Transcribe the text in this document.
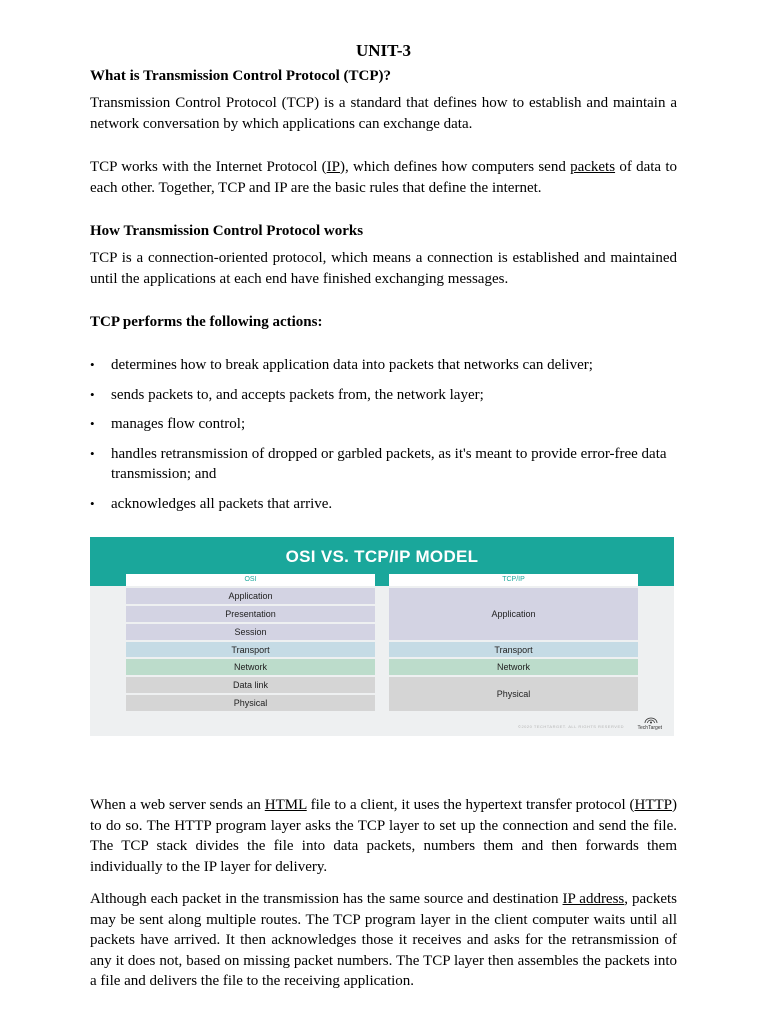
UNIT-3
What is Transmission Control Protocol (TCP)?

Transmission Control Protocol (TCP) is a standard that defines how to establish and maintain a network conversation by which applications can exchange data.

TCP works with the Internet Protocol (IP), which defines how computers send packets of data to each other. Together, TCP and IP are the basic rules that define the internet.

How Transmission Control Protocol works

TCP is a connection-oriented protocol, which means a connection is established and maintained until the applications at each end have finished exchanging messages.

TCP performs the following actions:
• determines how to break application data into packets that networks can deliver;
• sends packets to, and accepts packets from, the network layer;
• manages flow control;
• handles retransmission of dropped or garbled packets, as it's meant to provide error-free data transmission; and
• acknowledges all packets that arrive.
OSI VS. TCP/IP MODEL
OSI	TCP/IP
Application
Presentation
Session
Transport
Network
Data link
Physical
Application
Transport
Network
Physical
©2020 TECHTARGET. ALL RIGHTS RESERVED	TechTarget

When a web server sends an HTML file to a client, it uses the hypertext transfer protocol (HTTP) to do so. The HTTP program layer asks the TCP layer to set up the connection and send the file. The TCP stack divides the file into data packets, numbers them and then forwards them individually to the IP layer for delivery.

Although each packet in the transmission has the same source and destination IP address, packets may be sent along multiple routes. The TCP program layer in the client computer waits until all packets have arrived. It then acknowledges those it receives and asks for the retransmission of any it does not, based on missing packet numbers. The TCP layer then assembles the packets into a file and delivers the file to the receiving application.
